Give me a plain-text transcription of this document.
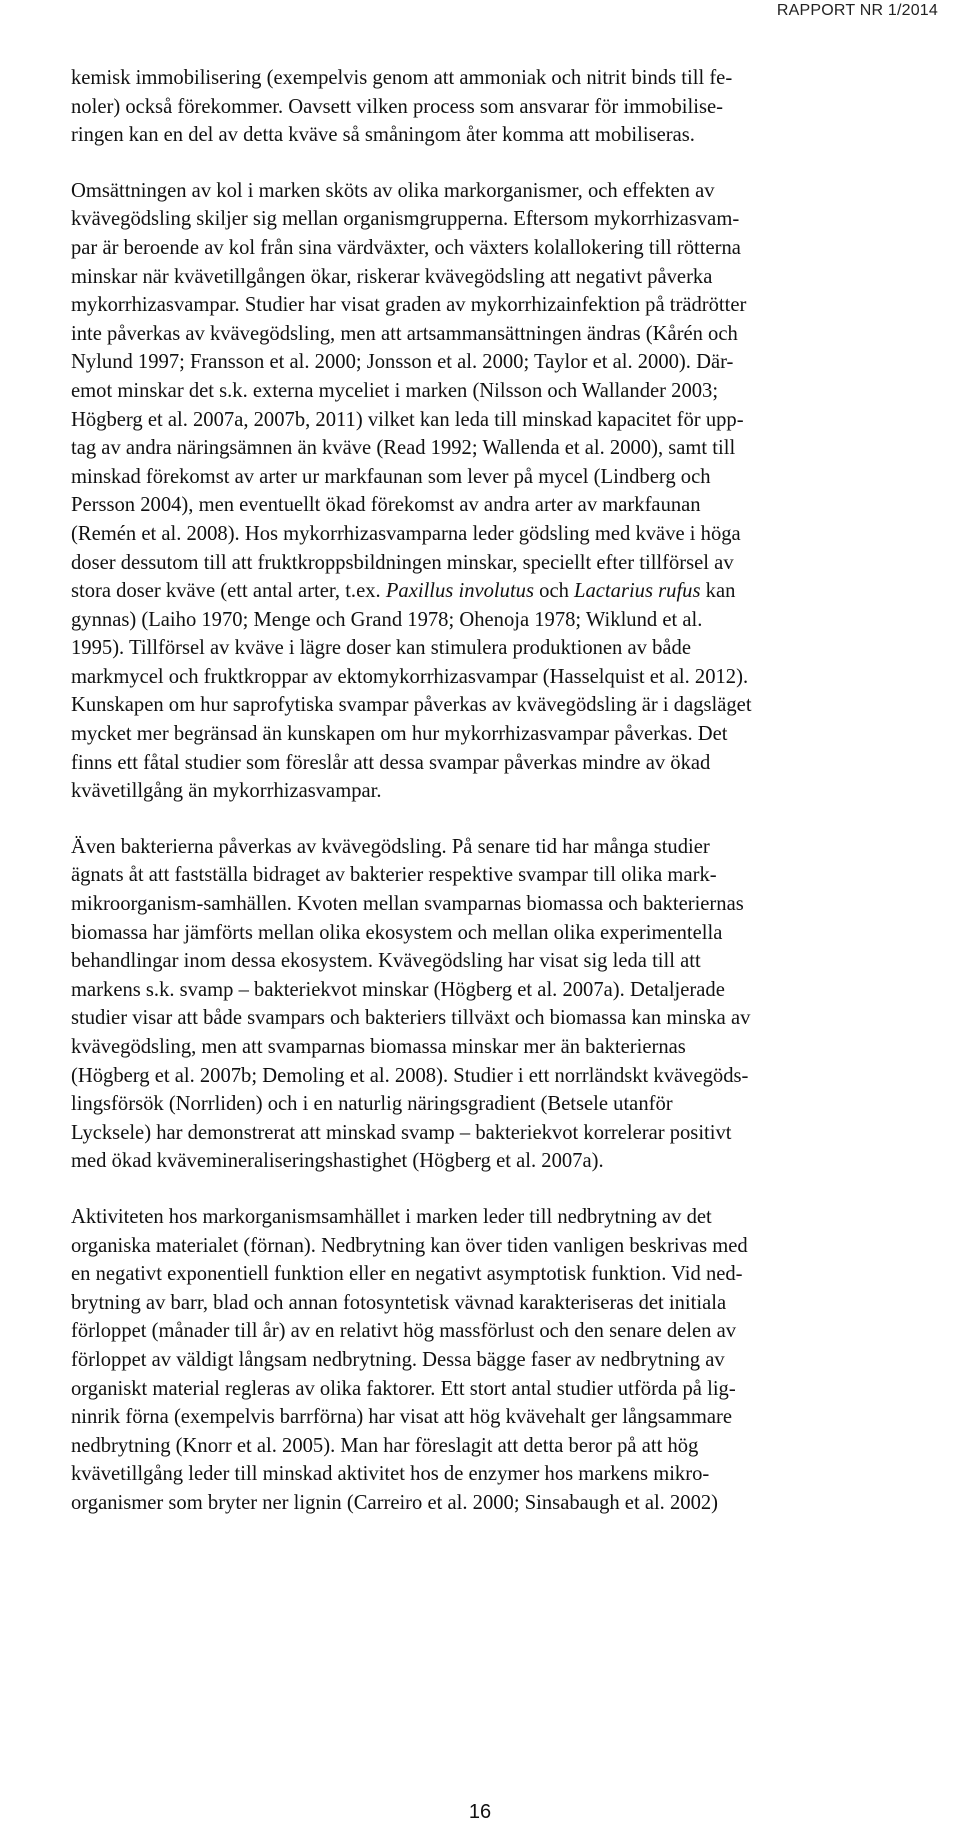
RAPPORT NR 1/2014

kemisk immobilisering (exempelvis genom att ammoniak och nitrit binds till fe-
noler) också förekommer. Oavsett vilken process som ansvarar för immobilise-
ringen kan en del av detta kväve så småningom åter komma att mobiliseras.

Omsättningen av kol i marken sköts av olika markorganismer, och effekten av
kvävegödsling skiljer sig mellan organismgrupperna. Eftersom mykorrhizasvam-
par är beroende av kol från sina värdväxter, och växters kolallokering till rötterna
minskar när kvävetillgången ökar, riskerar kvävegödsling att negativt påverka
mykorrhizasvampar. Studier har visat graden av mykorrhizainfektion på trädrötter
inte påverkas av kvävegödsling, men att artsammansättningen ändras (Kårén och
Nylund 1997; Fransson et al. 2000; Jonsson et al. 2000; Taylor et al. 2000). Där-
emot minskar det s.k. externa myceliet i marken (Nilsson och Wallander 2003;
Högberg et al. 2007a, 2007b, 2011) vilket kan leda till minskad kapacitet för upp-
tag av andra näringsämnen än kväve (Read 1992; Wallenda et al. 2000), samt till
minskad förekomst av arter ur markfaunan som lever på mycel (Lindberg och
Persson 2004), men eventuellt ökad förekomst av andra arter av markfaunan
(Remén et al. 2008). Hos mykorrhizasvamparna leder gödsling med kväve i höga
doser dessutom till att fruktkroppsbildningen minskar, speciellt efter tillförsel av
stora doser kväve (ett antal arter, t.ex. Paxillus involutus och Lactarius rufus kan
gynnas) (Laiho 1970; Menge och Grand 1978; Ohenoja 1978; Wiklund et al.
1995). Tillförsel av kväve i lägre doser kan stimulera produktionen av både
markmycel och fruktkroppar av ektomykorrhizasvampar (Hasselquist et al. 2012).
Kunskapen om hur saprofytiska svampar påverkas av kvävegödsling är i dagsläget
mycket mer begränsad än kunskapen om hur mykorrhizasvampar påverkas. Det
finns ett fåtal studier som föreslår att dessa svampar påverkas mindre av ökad
kvävetillgång än mykorrhizasvampar.

Även bakterierna påverkas av kvävegödsling. På senare tid har många studier
ägnats åt att fastställa bidraget av bakterier respektive svampar till olika mark-
mikroorganism-samhällen. Kvoten mellan svamparnas biomassa och bakteriernas
biomassa har jämförts mellan olika ekosystem och mellan olika experimentella
behandlingar inom dessa ekosystem. Kvävegödsling har visat sig leda till att
markens s.k. svamp – bakteriekvot minskar (Högberg et al. 2007a). Detaljerade
studier visar att både svampars och bakteriers tillväxt och biomassa kan minska av
kvävegödsling, men att svamparnas biomassa minskar mer än bakteriernas
(Högberg et al. 2007b; Demoling et al. 2008). Studier i ett norrländskt kvävegöds-
lingsförsök (Norrliden) och i en naturlig näringsgradient (Betsele utanför
Lycksele) har demonstrerat att minskad svamp – bakteriekvot korrelerar positivt
med ökad kvävemineraliseringshastighet (Högberg et al. 2007a).

Aktiviteten hos markorganismsamhället i marken leder till nedbrytning av det
organiska materialet (förnan). Nedbrytning kan över tiden vanligen beskrivas med
en negativt exponentiell funktion eller en negativt asymptotisk funktion. Vid ned-
brytning av barr, blad och annan fotosyntetisk vävnad karakteriseras det initiala
förloppet (månader till år) av en relativt hög massförlust och den senare delen av
förloppet av väldigt långsam nedbrytning. Dessa bägge faser av nedbrytning av
organiskt material regleras av olika faktorer. Ett stort antal studier utförda på lig-
ninrik förna (exempelvis barrförna) har visat att hög kvävehalt ger långsammare
nedbrytning (Knorr et al. 2005). Man har föreslagit att detta beror på att hög
kvävetillgång leder till minskad aktivitet hos de enzymer hos markens mikro-
organismer som bryter ner lignin (Carreiro et al. 2000; Sinsabaugh et al. 2002)

16
